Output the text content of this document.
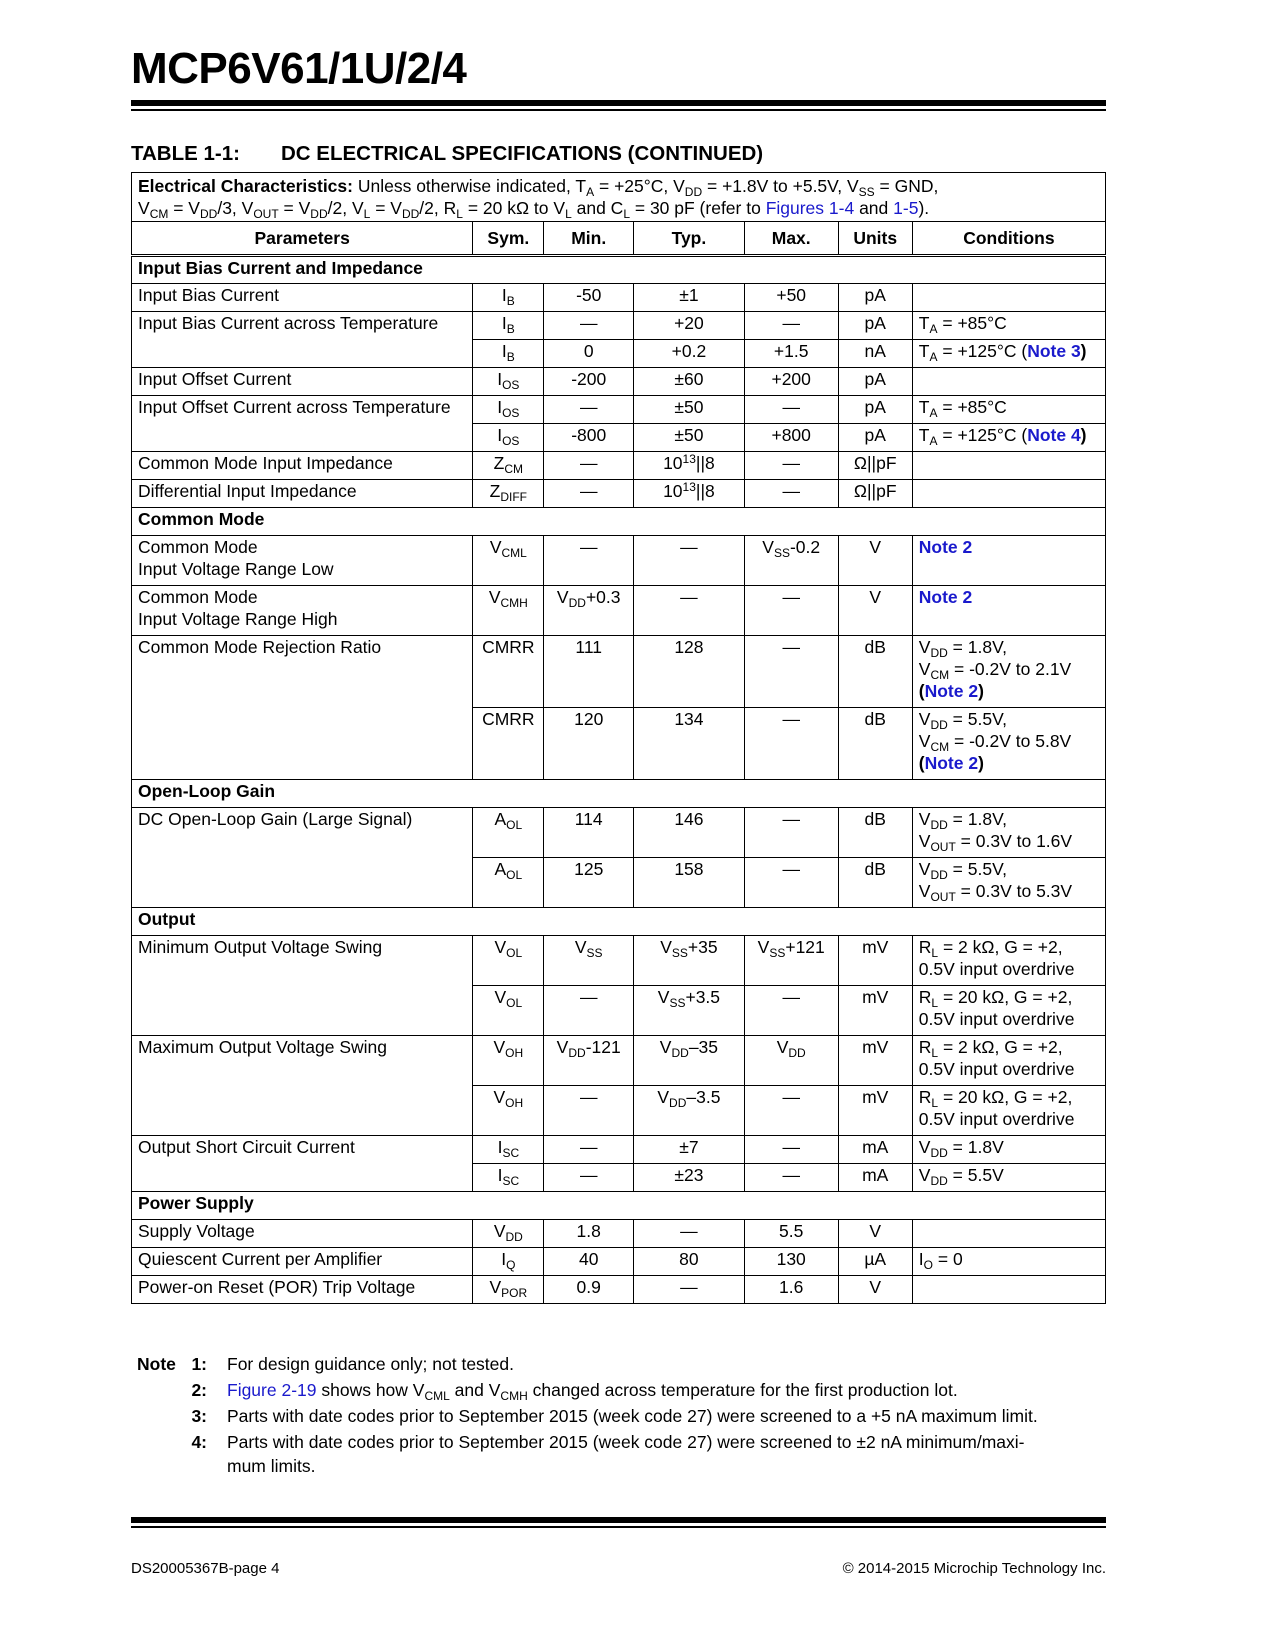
MCP6V61/1U/2/4
TABLE 1-1: DC ELECTRICAL SPECIFICATIONS (CONTINUED)
Electrical Characteristics: Unless otherwise indicated, $T_A = +25^\circ C$, $V_{DD} = +1.8V$ to +5.5V, $V_{SS}$ = GND,
$V_{CM} = V_{DD}/3$, $V_{OUT} = V_{DD}/2$, $V_L = V_{DD}/2$, $R_L = 20$ kΩ to $V_L$ and $C_L = 30$ pF (refer to Figures 1-4 and 1-5).						
Parameters	Sym.	Min.	Typ.	Max.	Units	Conditions
Input Bias Current and Impedance						
Input Bias Current	$I_B$	-50	±1	+50	pA	
Input Bias Current across Temperature	$I_B$	—	+20	—	pA	$T_A = +85^\circ C$
	$I_B$	0	+0.2	+1.5	nA	$T_A = +125^\circ C$ (Note 3)
Input Offset Current	$I_{OS}$	-200	±60	+200	pA	
Input Offset Current across Temperature	$I_{OS}$	—	±50	—	pA	$T_A = +85^\circ C$
	$I_{OS}$	-800	±50	+800	pA	$T_A = +125^\circ C$ (Note 4)
Common Mode Input Impedance	$Z_{CM}$	—	$10^{13}||8$	—	Ω||pF	
Differential Input Impedance	$Z_{DIFF}$	—	$10^{13}||8$	—	Ω||pF	
Common Mode						
Common Mode
Input Voltage Range Low	$V_{CML}$	—	—	$V_{SS}-0.2$	V	Note 2
Common Mode
Input Voltage Range High	$V_{CMH}$	$V_{DD}+0.3$	—	—	V	Note 2
Common Mode Rejection Ratio	CMRR	111	128	—	dB	$V_{DD} = 1.8V$,
$V_{CM} = -0.2V$ to 2.1V
(Note 2)
	CMRR	120	134	—	dB	$V_{DD} = 5.5V$,
$V_{CM} = -0.2V$ to 5.8V
(Note 2)
Open-Loop Gain						
DC Open-Loop Gain (Large Signal)	$A_{OL}$	114	146	—	dB	$V_{DD} = 1.8V$,
$V_{OUT} = 0.3V$ to 1.6V
	$A_{OL}$	125	158	—	dB	$V_{DD} = 5.5V$,
$V_{OUT} = 0.3V$ to 5.3V
Output						
Minimum Output Voltage Swing	$V_{OL}$	$V_{SS}$	$V_{SS}+35$	$V_{SS}+121$	mV	$R_L = 2$ kΩ, G = +2,
0.5V input overdrive
	$V_{OL}$	—	$V_{SS}+3.5$	—	mV	$R_L = 20$ kΩ, G = +2,
0.5V input overdrive
Maximum Output Voltage Swing	$V_{OH}$	$V_{DD}-121$	$V_{DD}-35$	$V_{DD}$	mV	$R_L = 2$ kΩ, G = +2,
0.5V input overdrive
	$V_{OH}$	—	$V_{DD}-3.5$	—	mV	$R_L = 20$ kΩ, G = +2,
0.5V input overdrive
Output Short Circuit Current	$I_{SC}$	—	±7	—	mA	$V_{DD} = 1.8V$
	$I_{SC}$	—	±23	—	mA	$V_{DD} = 5.5V$
Power Supply						
Supply Voltage	$V_{DD}$	1.8	—	5.5	V	
Quiescent Current per Amplifier	$I_Q$	40	80	130	µA	$I_O = 0$
Power-on Reset (POR) Trip Voltage	$V_{POR}$	0.9	—	1.6	V	
Note 1:	For design guidance only; not tested.
2:	Figure 2-19 shows how $V_{CML}$ and $V_{CMH}$ changed across temperature for the first production lot.
3:	Parts with date codes prior to September 2015 (week code 27) were screened to a +5 nA maximum limit.
4:	Parts with date codes prior to September 2015 (week code 27) were screened to ±2 nA minimum/maxi-mum limits.
DS20005367B-page 4	© 2014-2015 Microchip Technology Inc.
